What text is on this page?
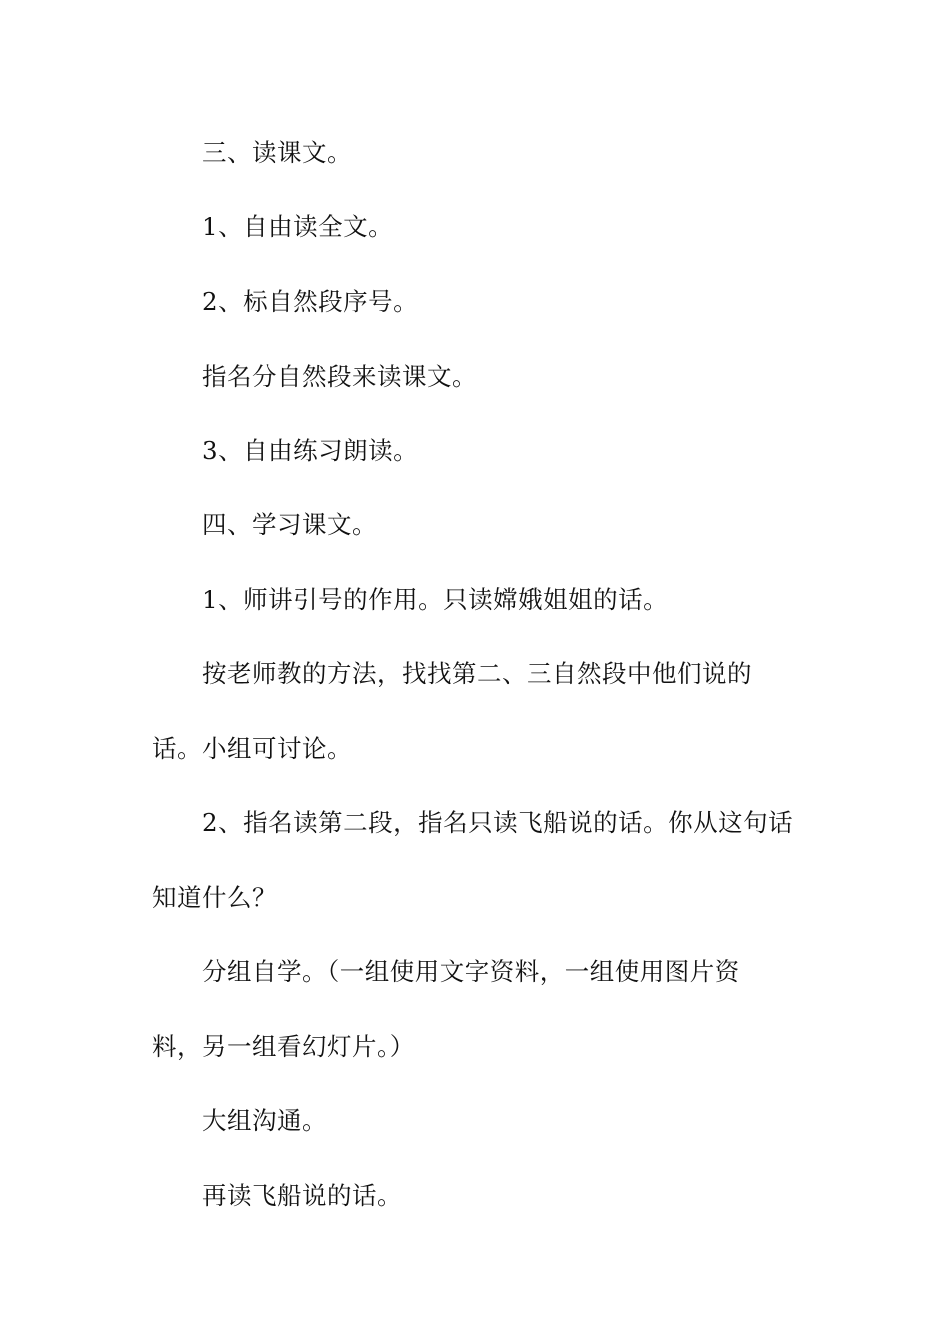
三、读课文。
1、自由读全文。
2、标自然段序号。
指名分自然段来读课文。
3、自由练习朗读。
四、学习课文。
1、师讲引号的作用。只读嫦娥姐姐的话。
按老师教的方法，找找第二、三自然段中他们说的
话。小组可讨论。
2、指名读第二段，指名只读飞船说的话。你从这句话
知道什么？
分组自学。（一组使用文字资料，一组使用图片资
料，另一组看幻灯片。）
大组沟通。
再读飞船说的话。
